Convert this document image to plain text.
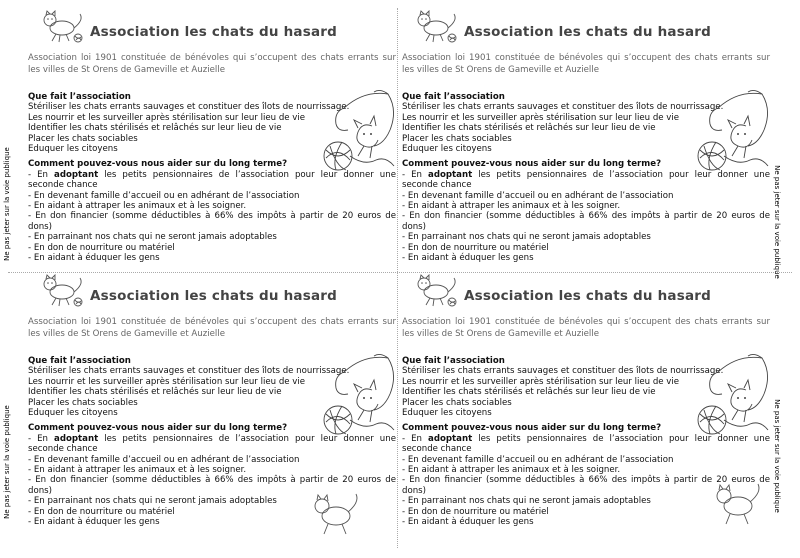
Ne pas jeter sur la voie publique
Ne pas jeter sur la voie publique
Ne pas jeter sur la voie publique
Ne pas jeter sur la voie publique
Association les chats du hasard
Association loi 1901 constituée de bénévoles qui s’occupent des chats errants sur les villes de St Orens de Gameville et Auzielle
Que fait l’association
Stériliser les chats errants sauvages et constituer des îlots de nourrissage.
Les nourrir et les surveiller après stérilisation sur leur lieu de vie
Identifier les chats stérilisés et relâchés sur leur lieu de vie
Placer les chats sociables
Eduquer les citoyens
Comment pouvez-vous nous aider sur du long terme?
- En adoptant les petits pensionnaires de l’association pour leur donner une seconde chance
- En devenant famille d’accueil ou en adhérant de l’association
- En aidant à attraper les animaux et à les soigner.
- En don financier (somme déductibles à 66% des impôts à partir de 20 euros de dons)
- En parrainant nos chats qui ne seront jamais adoptables
- En don de nourriture ou matériel
- En aidant à éduquer les gens
Association les chats du hasard
Association loi 1901 constituée de bénévoles qui s’occupent des chats errants sur les villes de St Orens de Gameville et Auzielle
Que fait l’association
Stériliser les chats errants sauvages et constituer des îlots de nourrissage.
Les nourrir et les surveiller après stérilisation sur leur lieu de vie
Identifier les chats stérilisés et relâchés sur leur lieu de vie
Placer les chats sociables
Eduquer les citoyens
Comment pouvez-vous nous aider sur du long terme?
- En adoptant les petits pensionnaires de l’association pour leur donner une seconde chance
- En devenant famille d’accueil ou en adhérant de l’association
- En aidant à attraper les animaux et à les soigner.
- En don financier (somme déductibles à 66% des impôts à partir de 20 euros de dons)
- En parrainant nos chats qui ne seront jamais adoptables
- En don de nourriture ou matériel
- En aidant à éduquer les gens
Association les chats du hasard
Association loi 1901 constituée de bénévoles qui s’occupent des chats errants sur les villes de St Orens de Gameville et Auzielle
Que fait l’association
Stériliser les chats errants sauvages et constituer des îlots de nourrissage.
Les nourrir et les surveiller après stérilisation sur leur lieu de vie
Identifier les chats stérilisés et relâchés sur leur lieu de vie
Placer les chats sociables
Eduquer les citoyens
Comment pouvez-vous nous aider sur du long terme?
- En adoptant les petits pensionnaires de l’association pour leur donner une seconde chance
- En devenant famille d’accueil ou en adhérant de l’association
- En aidant à attraper les animaux et à les soigner.
- En don financier (somme déductibles à 66% des impôts à partir de 20 euros de dons)
- En parrainant nos chats qui ne seront jamais adoptables
- En don de nourriture ou matériel
- En aidant à éduquer les gens
Association les chats du hasard
Association loi 1901 constituée de bénévoles qui s’occupent des chats errants sur les villes de St Orens de Gameville et Auzielle
Que fait l’association
Stériliser les chats errants sauvages et constituer des îlots de nourrissage.
Les nourrir et les surveiller après stérilisation sur leur lieu de vie
Identifier les chats stérilisés et relâchés sur leur lieu de vie
Placer les chats sociables
Eduquer les citoyens
Comment pouvez-vous nous aider sur du long terme?
- En adoptant les petits pensionnaires de l’association pour leur donner une seconde chance
- En devenant famille d’accueil ou en adhérant de l’association
- En aidant à attraper les animaux et à les soigner.
- En don financier (somme déductibles à 66% des impôts à partir de 20 euros de dons)
- En parrainant nos chats qui ne seront jamais adoptables
- En don de nourriture ou matériel
- En aidant à éduquer les gens
